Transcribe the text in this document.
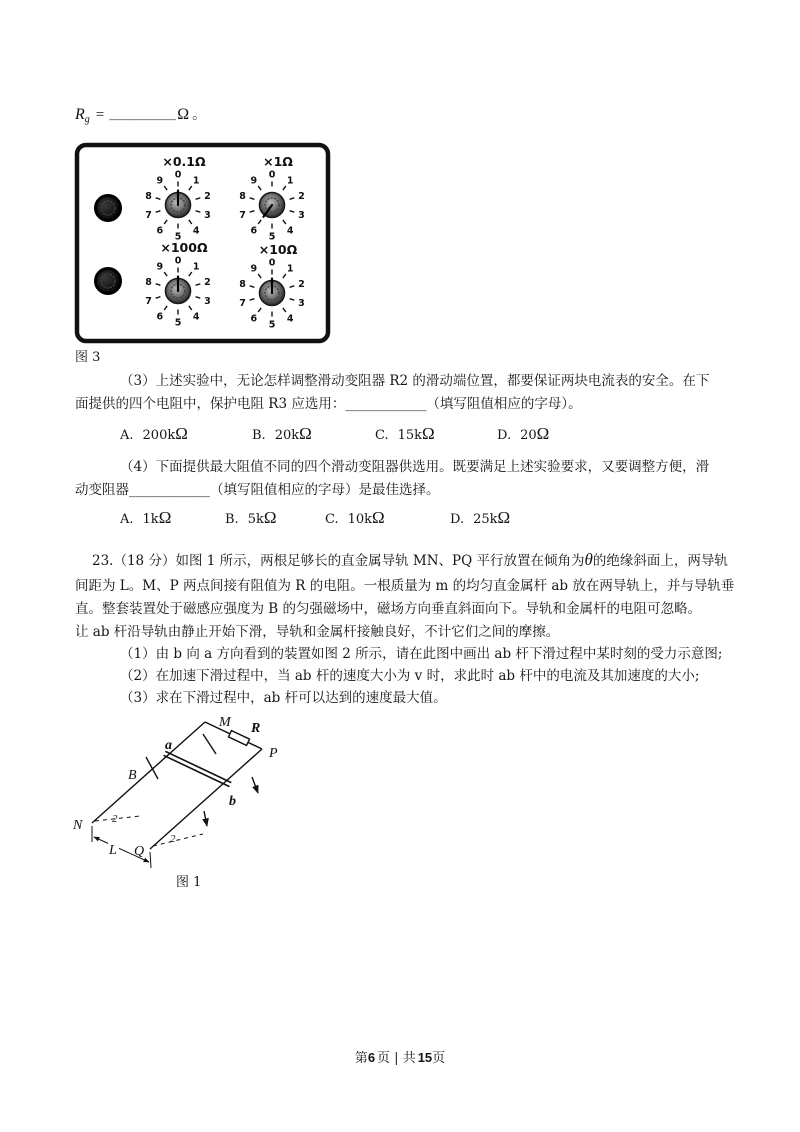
$R_g$ = __________ Ω 。
×0.1Ω
0
1
2
3
4
5
6
7
8
9
×1Ω
0
1
2
3
4
5
6
7
8
9
×100Ω
0
1
2
3
4
5
6
7
8
9
×10Ω
0
1
2
3
4
5
6
7
8
9
图 3
（3）上述实验中，无论怎样调整滑动变阻器 R2 的滑动端位置，都要保证两块电流表的安全。在下
面提供的四个电阻中，保护电阻 R3 应选用：____________（填写阻值相应的字母）。
A. 200kΩ	B. 20kΩ	C. 15kΩ	D. 20Ω
（4）下面提供最大阻值不同的四个滑动变阻器供选用。既要满足上述实验要求，又要调整方便，滑
动变阻器____________（填写阻值相应的字母）是最佳选择。
A. 1kΩ	B. 5kΩ	C. 10kΩ	D. 25kΩ
23.（18 分）如图 1 所示，两根足够长的直金属导轨 MN、PQ 平行放置在倾角为θ的绝缘斜面上，两导轨
间距为 L。M、P 两点间接有阻值为 R 的电阻。一根质量为 m 的均匀直金属杆 ab 放在两导轨上，并与导轨垂
直。整套装置处于磁感应强度为 B 的匀强磁场中，磁场方向垂直斜面向下。导轨和金属杆的电阻可忽略。
让 ab 杆沿导轨由静止开始下滑，导轨和金属杆接触良好，不计它们之间的摩擦。
（1）由 b 向 a 方向看到的装置如图 2 所示，请在此图中画出 ab 杆下滑过程中某时刻的受力示意图;
（2）在加速下滑过程中，当 ab 杆的速度大小为 v 时，求此时 ab 杆中的电流及其加速度的大小;
（3）求在下滑过程中，ab 杆可以达到的速度最大值。
M R
P
a
B
b
N
Q
L
2
2
图 1
第6 页 | 共 15页
